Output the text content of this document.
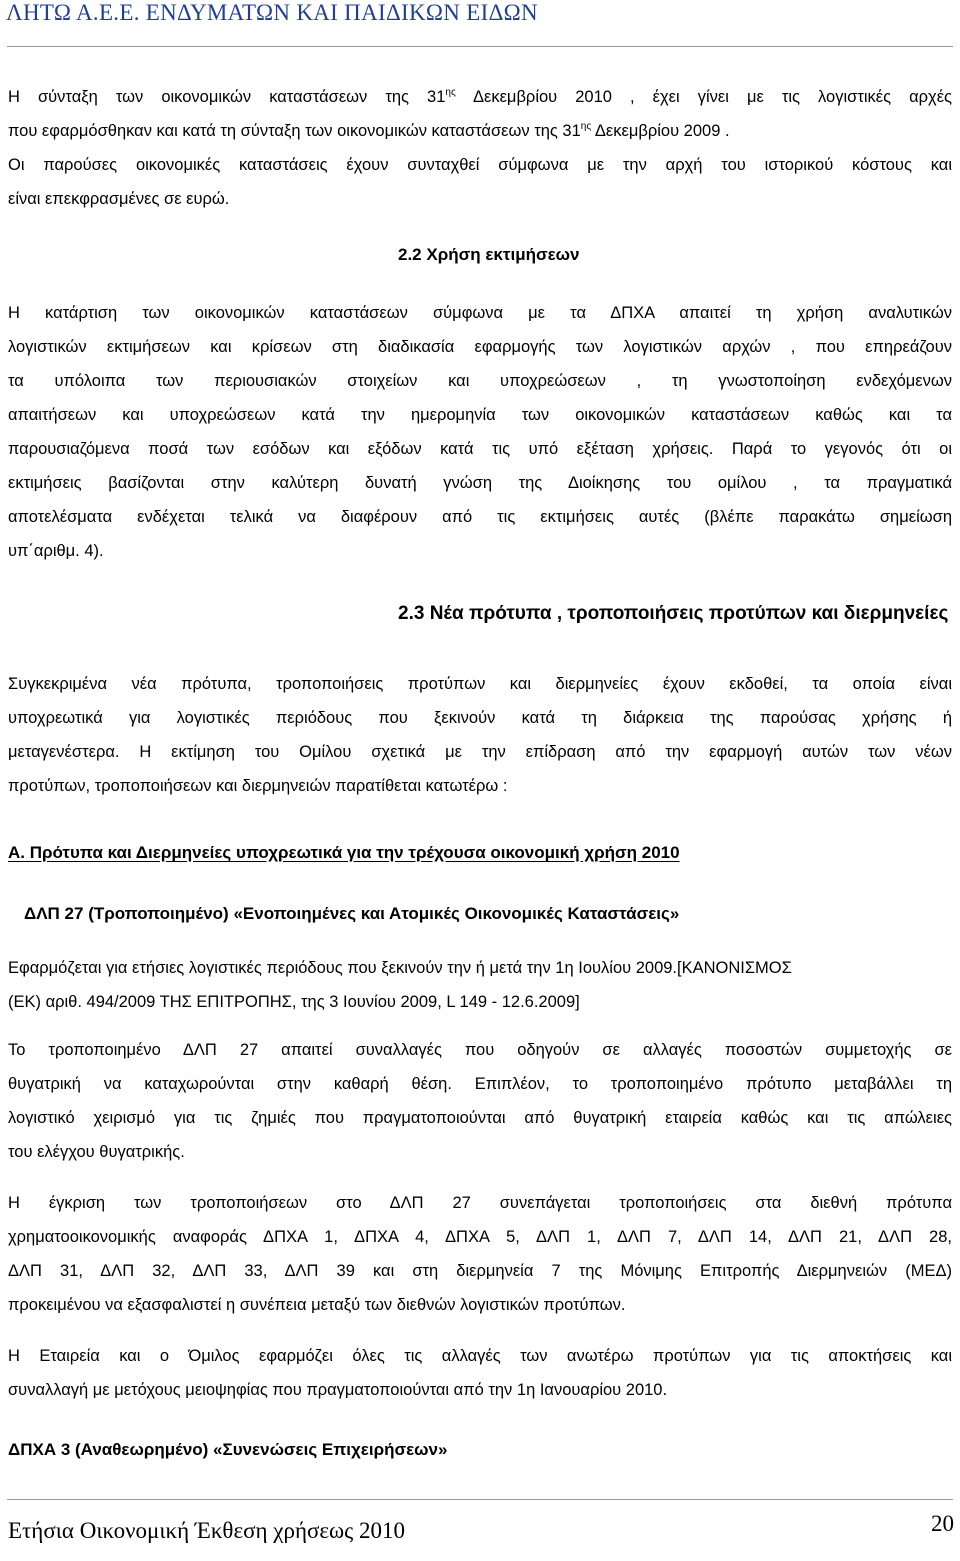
ΛΗΤΩ Α.Ε.Ε. ΕΝΔΥΜΑΤΩΝ ΚΑΙ ΠΑΙΔΙΚΩΝ ΕΙΔΩΝ
Η σύνταξη των οικονομικών καταστάσεων της $31^{\eta\varsigma}$ Δεκεμβρίου 2010 , έχει γίνει με τις λογιστικές αρχές
που εφαρμόσθηκαν και κατά τη σύνταξη των οικονομικών καταστάσεων της $31^{\eta\varsigma}$ Δεκεμβρίου 2009 .
Οι παρούσες οικονομικές καταστάσεις έχουν συνταχθεί σύμφωνα με την αρχή του ιστορικού κόστους και
είναι επεκφρασμένες σε ευρώ.
2.2 Χρήση εκτιμήσεων
Η κατάρτιση των οικονομικών καταστάσεων σύμφωνα με τα ΔΠΧΑ απαιτεί τη χρήση αναλυτικών
λογιστικών εκτιμήσεων και κρίσεων στη διαδικασία εφαρμογής των λογιστικών αρχών , που επηρεάζουν
τα υπόλοιπα των περιουσιακών στοιχείων και υποχρεώσεων , τη γνωστοποίηση ενδεχόμενων
απαιτήσεων και υποχρεώσεων κατά την ημερομηνία των οικονομικών καταστάσεων καθώς και τα
παρουσιαζόμενα ποσά των εσόδων και εξόδων κατά τις υπό εξέταση χρήσεις. Παρά το γεγονός ότι οι
εκτιμήσεις βασίζονται στην καλύτερη δυνατή γνώση της Διοίκησης του ομίλου , τα πραγματικά
αποτελέσματα ενδέχεται τελικά να διαφέρουν από τις εκτιμήσεις αυτές (βλέπε παρακάτω σημείωση
υπ΄αριθμ. 4).
2.3 Νέα πρότυπα , τροποποιήσεις προτύπων και διερμηνείες
Συγκεκριμένα νέα πρότυπα, τροποποιήσεις προτύπων και διερμηνείες έχουν εκδοθεί, τα οποία είναι
υποχρεωτικά για λογιστικές περιόδους που ξεκινούν κατά τη διάρκεια της παρούσας χρήσης ή
μεταγενέστερα. Η εκτίμηση του Ομίλου σχετικά με την επίδραση από την εφαρμογή αυτών των νέων
προτύπων, τροποποιήσεων και διερμηνειών παρατίθεται κατωτέρω :
Α. Πρότυπα και Διερμηνείες υποχρεωτικά για την τρέχουσα οικονομική χρήση 2010
ΔΛΠ 27 (Τροποποιημένο) «Ενοποιημένες και Ατομικές Οικονομικές Καταστάσεις»
Εφαρμόζεται για ετήσιες λογιστικές περιόδους που ξεκινούν την ή μετά την 1η Ιουλίου 2009.[ΚΑΝΟΝΙΣΜΟΣ
(ΕΚ) αριθ. 494/2009 ΤΗΣ ΕΠΙΤΡΟΠΗΣ, της 3 Ιουνίου 2009, L 149 - 12.6.2009]
Το τροποποιημένο ΔΛΠ 27 απαιτεί συναλλαγές που οδηγούν σε αλλαγές ποσοστών συμμετοχής σε
θυγατρική να καταχωρούνται στην καθαρή θέση. Επιπλέον, το τροποποιημένο πρότυπο μεταβάλλει τη
λογιστικό χειρισμό για τις ζημιές που πραγματοποιούνται από θυγατρική εταιρεία καθώς και τις απώλειες
του ελέγχου θυγατρικής.
Η έγκριση των τροποποιήσεων στο ΔΛΠ 27 συνεπάγεται τροποποιήσεις στα διεθνή πρότυπα
χρηματοοικονομικής αναφοράς ΔΠΧΑ 1, ΔΠΧΑ 4, ΔΠΧΑ 5, ΔΛΠ 1, ΔΛΠ 7, ΔΛΠ 14, ΔΛΠ 21, ΔΛΠ 28,
ΔΛΠ 31, ΔΛΠ 32, ΔΛΠ 33, ΔΛΠ 39 και στη διερμηνεία 7 της Μόνιμης Επιτροπής Διερμηνειών (ΜΕΔ)
προκειμένου να εξασφαλιστεί η συνέπεια μεταξύ των διεθνών λογιστικών προτύπων.
Η Εταιρεία και ο Όμιλος εφαρμόζει όλες τις αλλαγές των ανωτέρω προτύπων για τις αποκτήσεις και
συναλλαγή με μετόχους μειοψηφίας που πραγματοποιούνται από την 1η Ιανουαρίου 2010.
ΔΠΧΑ 3 (Αναθεωρημένο) «Συνενώσεις Επιχειρήσεων»
Ετήσια Οικονομική Έκθεση χρήσεως 2010	20
